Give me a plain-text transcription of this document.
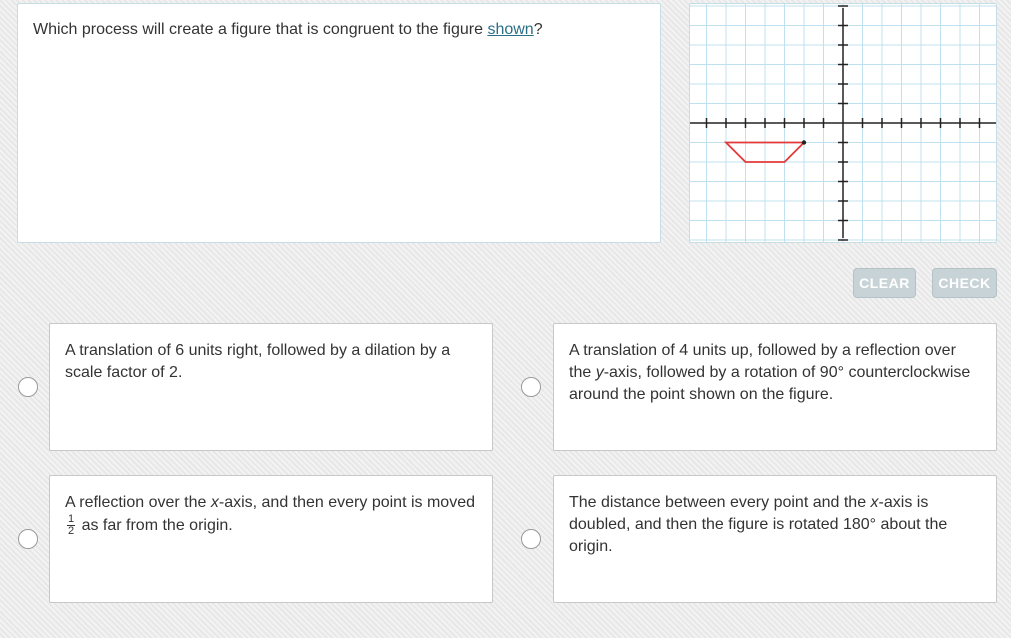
Which process will create a figure that is congruent to the figure shown?
CLEAR	CHECK
A translation of 6 units right, followed by a dilation by a scale factor of 2.
A translation of 4 units up, followed by a reflection over the y-axis, followed by a rotation of 90° counterclockwise around the point shown on the figure.
A reflection over the x-axis, and then every point is moved
$\frac{1}{2}$ as far from the origin.
The distance between every point and the x-axis is doubled, and then the figure is rotated 180° about the origin.
